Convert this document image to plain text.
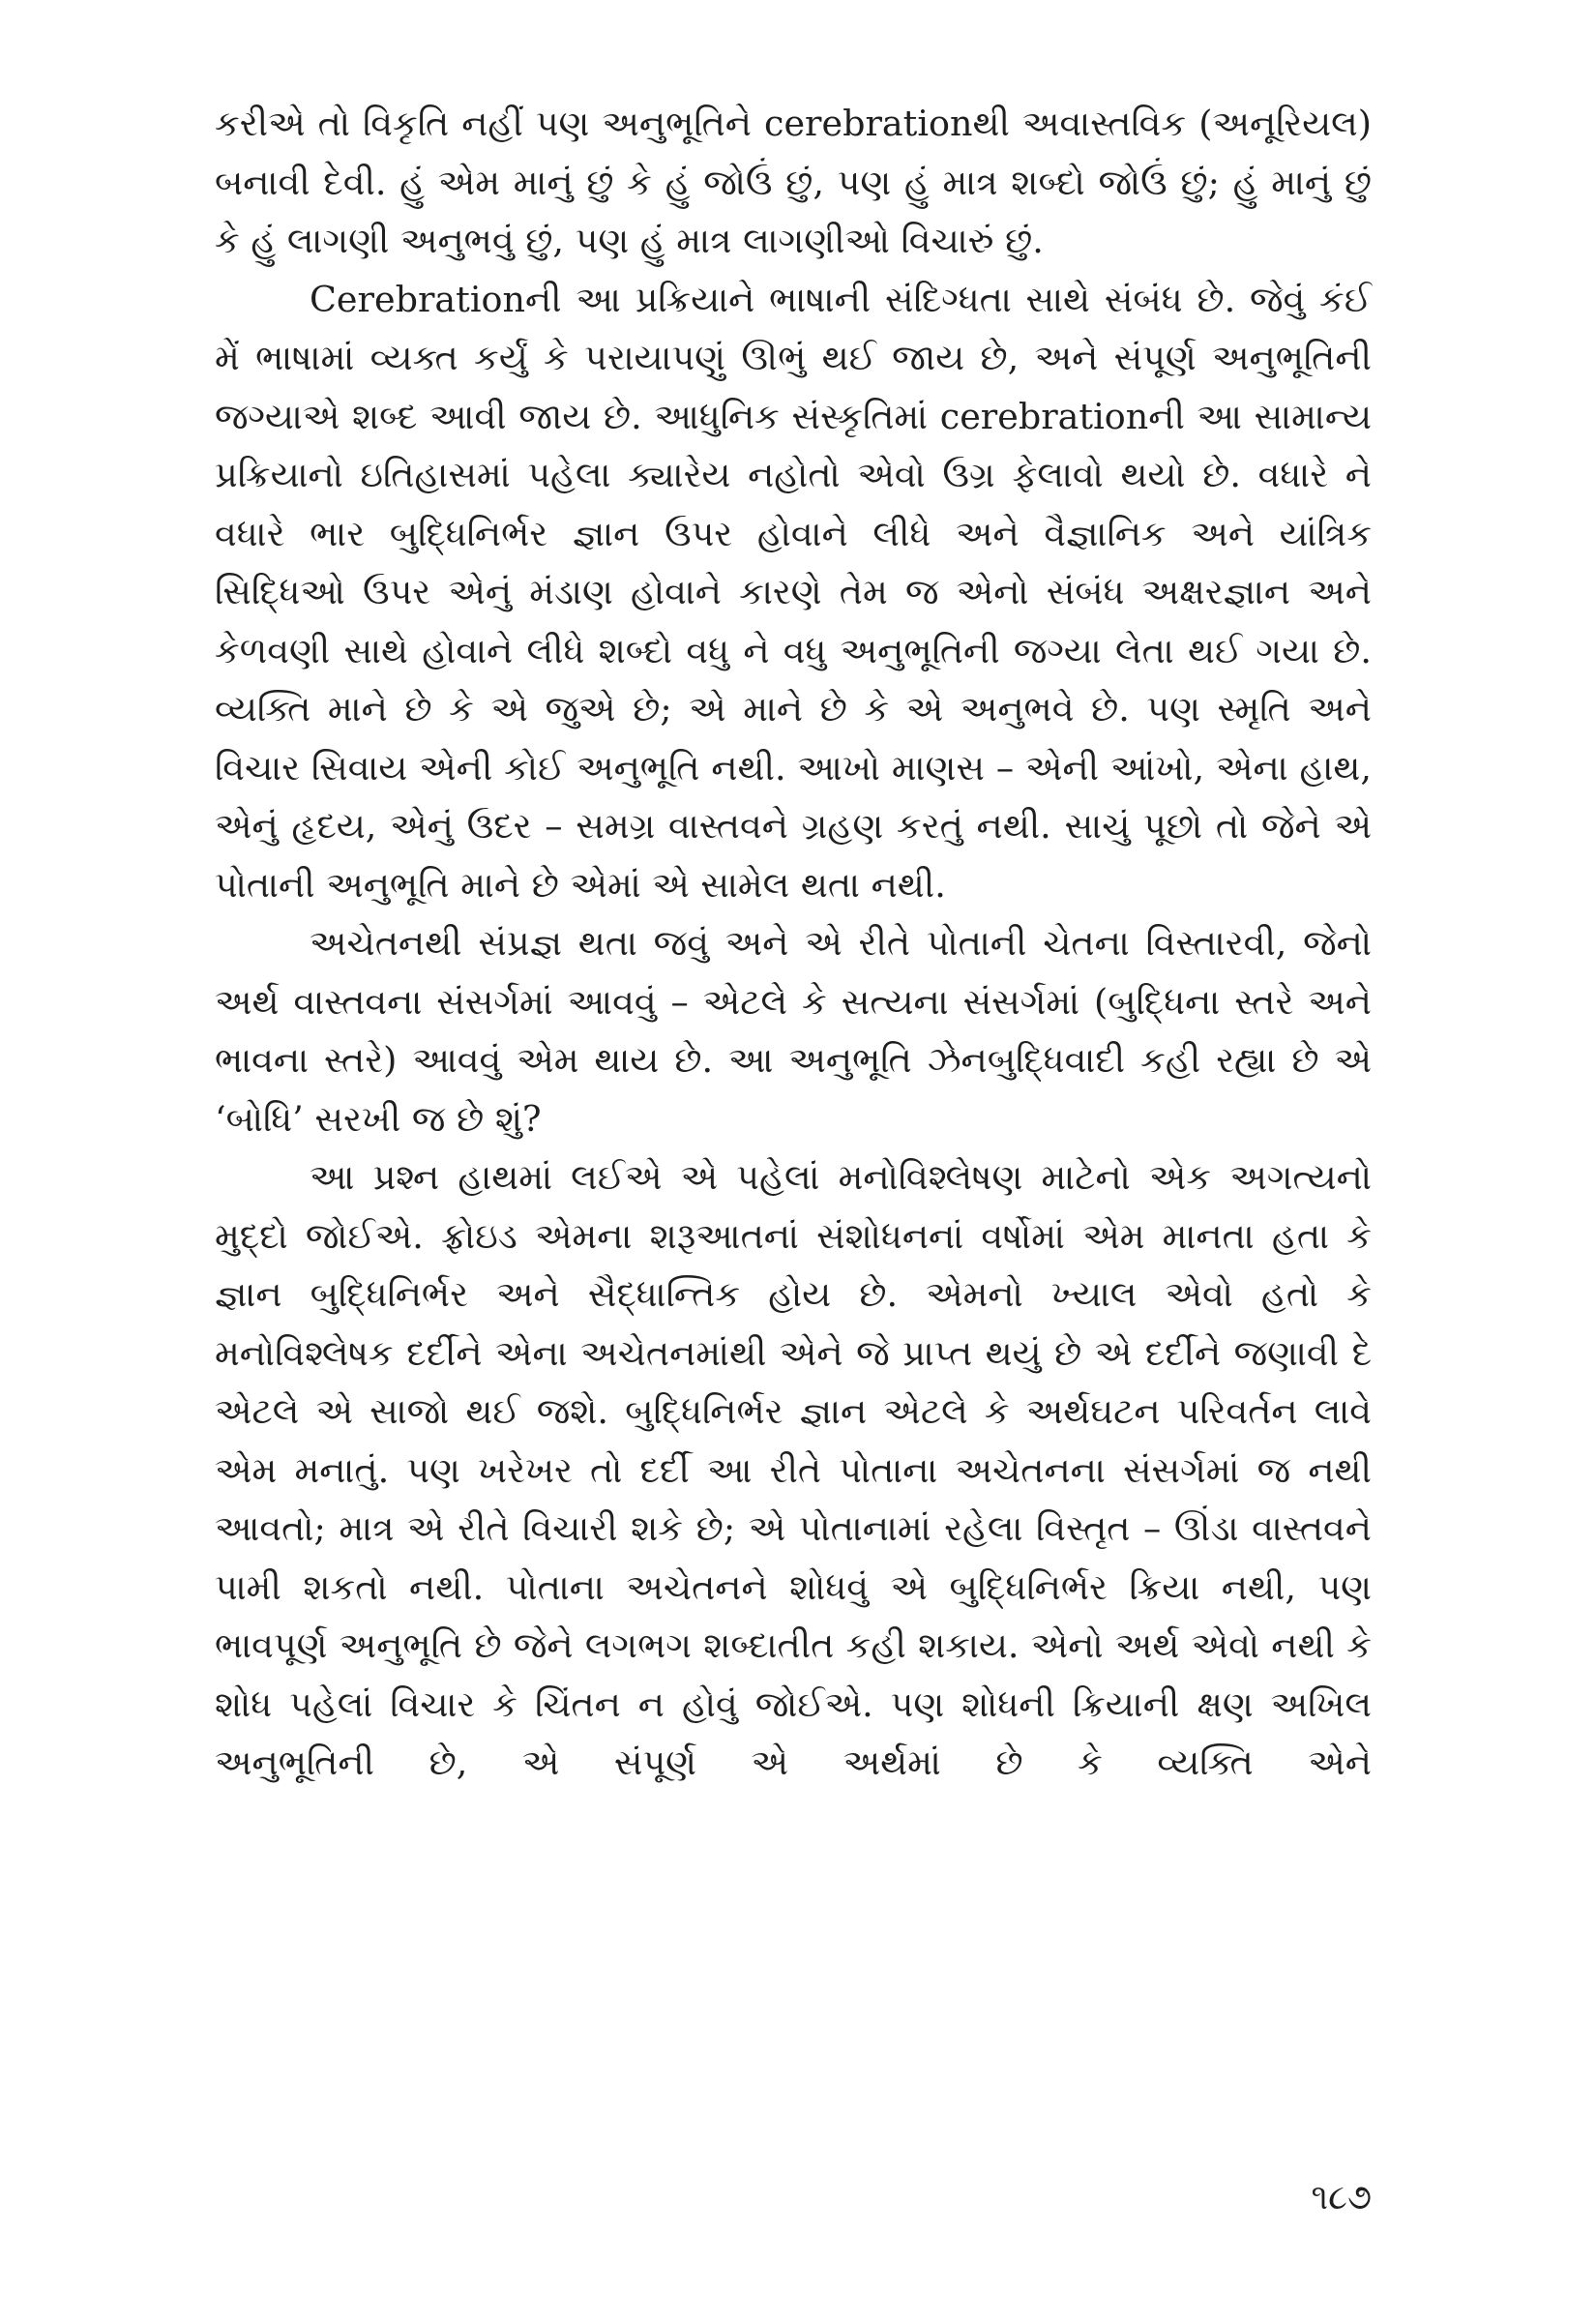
કરીએ તો વિકૃતિ નહીં પણ અનુભૂતિને cerebrationથી અવાસ્તવિક (અનૂરિયલ) બનાવી દેવી. હું એમ માનું છું કે હું જોઉં છું, પણ હું માત્ર શબ્દો જોઉં છું; હું માનું છું કે હું લાગણી અનુભવું છું, પણ હું માત્ર લાગણીઓ વિચારું છું.

Cerebrationની આ પ્રક્રિયાને ભાષાની સંદિગ્ધતા સાથે સંબંધ છે. જેવું કંઈ મેં ભાષામાં વ્યક્ત કર્યું કે પરાયાપણું ઊભું થઈ જાય છે, અને સંપૂર્ણ અનુભૂતિની જગ્યાએ શબ્દ આવી જાય છે. આધુનિક સંસ્કૃતિમાં cerebrationની આ સામાન્ય પ્રક્રિયાનો ઇતિહાસમાં પહેલા ક્યારેય નહોતો એવો ઉગ્ર ફેલાવો થયો છે. વધારે ને વધારે ભાર બુદ્ધિનિર્ભર જ્ઞાન ઉપર હોવાને લીધે અને વૈજ્ઞાનિક અને યાંત્રિક સિદ્ધિઓ ઉપર એનું મંડાણ હોવાને કારણે તેમ જ એનો સંબંધ અક્ષરજ્ઞાન અને કેળવણી સાથે હોવાને લીધે શબ્દો વધુ ને વધુ અનુભૂતિની જગ્યા લેતા થઈ ગયા છે. વ્યક્તિ માને છે કે એ જુએ છે; એ માને છે કે એ અનુભવે છે. પણ સ્મૃતિ અને વિચાર સિવાય એની કોઈ અનુભૂતિ નથી. આખો માણસ – એની આંખો, એના હાથ, એનું હૃદય, એનું ઉદર – સમગ્ર વાસ્તવને ગ્રહણ કરતું નથી. સાચું પૂછો તો જેને એ પોતાની અનુભૂતિ માને છે એમાં એ સામેલ થતા નથી.

અચેતનથી સંપ્રજ્ઞ થતા જવું અને એ રીતે પોતાની ચેતના વિસ્તારવી, જેનો અર્થ વાસ્તવના સંસર્ગમાં આવવું – એટલે કે સત્યના સંસર્ગમાં (બુદ્ધિના સ્તરે અને ભાવના સ્તરે) આવવું એમ થાય છે. આ અનુભૂતિ ઝેનબુદ્ધિવાદી કહી રહ્યા છે એ ‘બોધિ’ સરખી જ છે શું?

આ પ્રશ્ન હાથમાં લઈએ એ પહેલાં મનોવિશ્લેષણ માટેનો એક અગત્યનો મુદ્દો જોઈએ. ફ્રોઇડ એમના શરૂઆતનાં સંશોધનનાં વર્ષોમાં એમ માનતા હતા કે જ્ઞાન બુદ્ધિનિર્ભર અને સૈદ્ધાન્તિક હોય છે. એમનો ખ્યાલ એવો હતો કે મનોવિશ્લેષક દર્દીને એના અચેતનમાંથી એને જે પ્રાપ્ત થયું છે એ દર્દીને જણાવી દે એટલે એ સાજો થઈ જશે. બુદ્ધિનિર્ભર જ્ઞાન એટલે કે અર્થઘટન પરિવર્તન લાવે એમ મનાતું. પણ ખરેખર તો દર્દી આ રીતે પોતાના અચેતનના સંસર્ગમાં જ નથી આવતો; માત્ર એ રીતે વિચારી શકે છે; એ પોતાનામાં રહેલા વિસ્તૃત – ઊંડા વાસ્તવને પામી શકતો નથી. પોતાના અચેતનને શોધવું એ બુદ્ધિનિર્ભર ક્રિયા નથી, પણ ભાવપૂર્ણ અનુભૂતિ છે જેને લગભગ શબ્દાતીત કહી શકાય. એનો અર્થ એવો નથી કે શોધ પહેલાં વિચાર કે ચિંતન ન હોવું જોઈએ. પણ શોધની ક્રિયાની ક્ષણ અખિલ અનુભૂતિની છે, એ સંપૂર્ણ એ અર્થમાં છે કે વ્યક્તિ એને

૧૮૭
